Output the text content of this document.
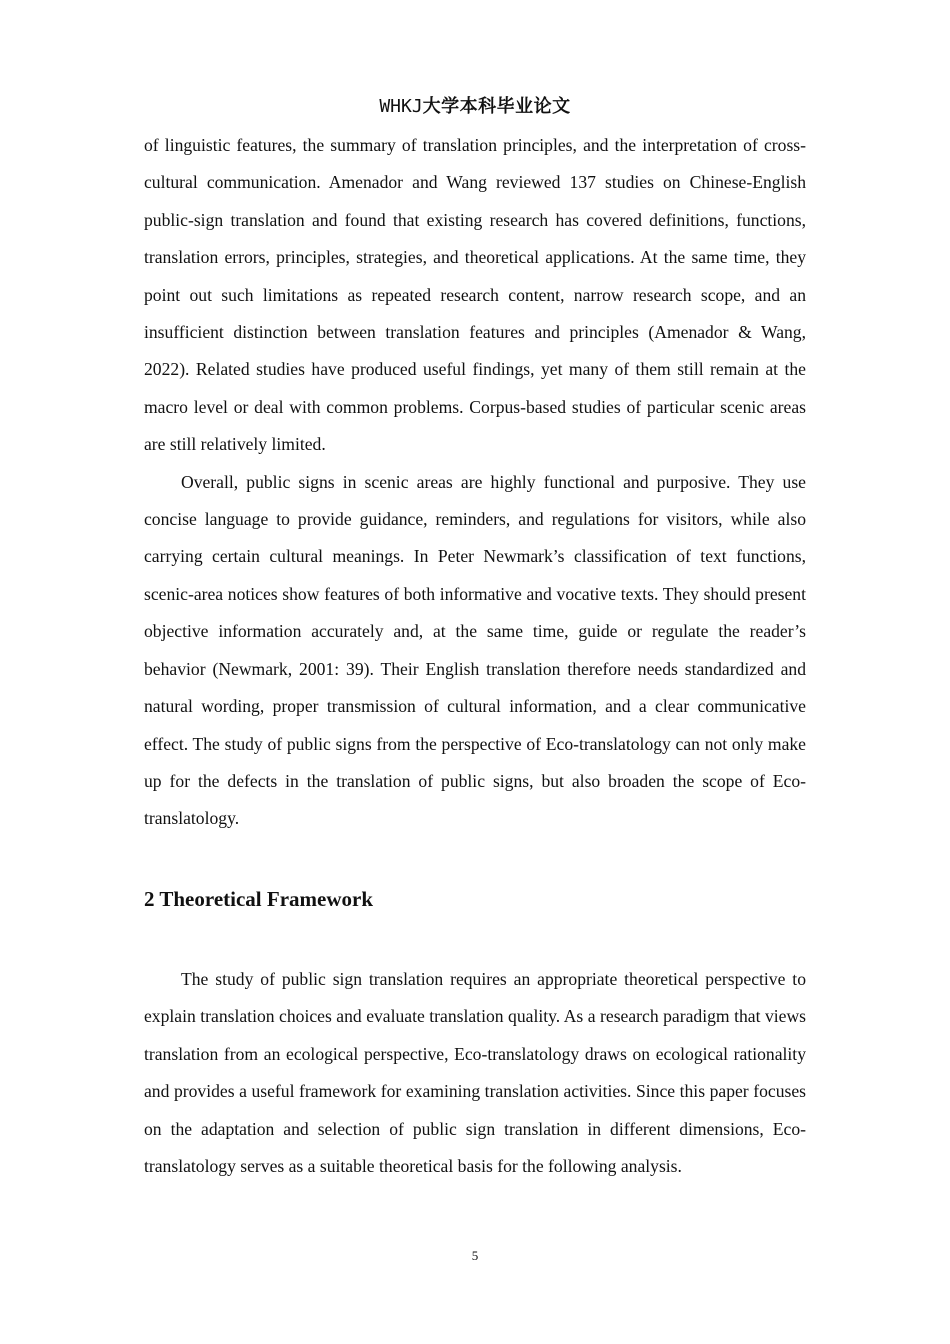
WHKJ大学本科毕业论文

of linguistic features, the summary of translation principles, and the interpretation of cross-cultural communication. Amenador and Wang reviewed 137 studies on Chinese-English public-sign translation and found that existing research has covered definitions, functions, translation errors, principles, strategies, and theoretical applications. At the same time, they point out such limitations as repeated research content, narrow research scope, and an insufficient distinction between translation features and principles (Amenador & Wang, 2022). Related studies have produced useful findings, yet many of them still remain at the macro level or deal with common problems. Corpus-based studies of particular scenic areas are still relatively limited.

Overall, public signs in scenic areas are highly functional and purposive. They use concise language to provide guidance, reminders, and regulations for visitors, while also carrying certain cultural meanings. In Peter Newmark’s classification of text functions, scenic-area notices show features of both informative and vocative texts. They should present objective information accurately and, at the same time, guide or regulate the reader’s behavior (Newmark, 2001: 39). Their English translation therefore needs standardized and natural wording, proper transmission of cultural information, and a clear communicative effect. The study of public signs from the perspective of Eco-translatology can not only make up for the defects in the translation of public signs, but also broaden the scope of Eco-translatology.

2 Theoretical Framework

The study of public sign translation requires an appropriate theoretical perspective to explain translation choices and evaluate translation quality. As a research paradigm that views translation from an ecological perspective, Eco-translatology draws on ecological rationality and provides a useful framework for examining translation activities. Since this paper focuses on the adaptation and selection of public sign translation in different dimensions, Eco-translatology serves as a suitable theoretical basis for the following analysis.

5
